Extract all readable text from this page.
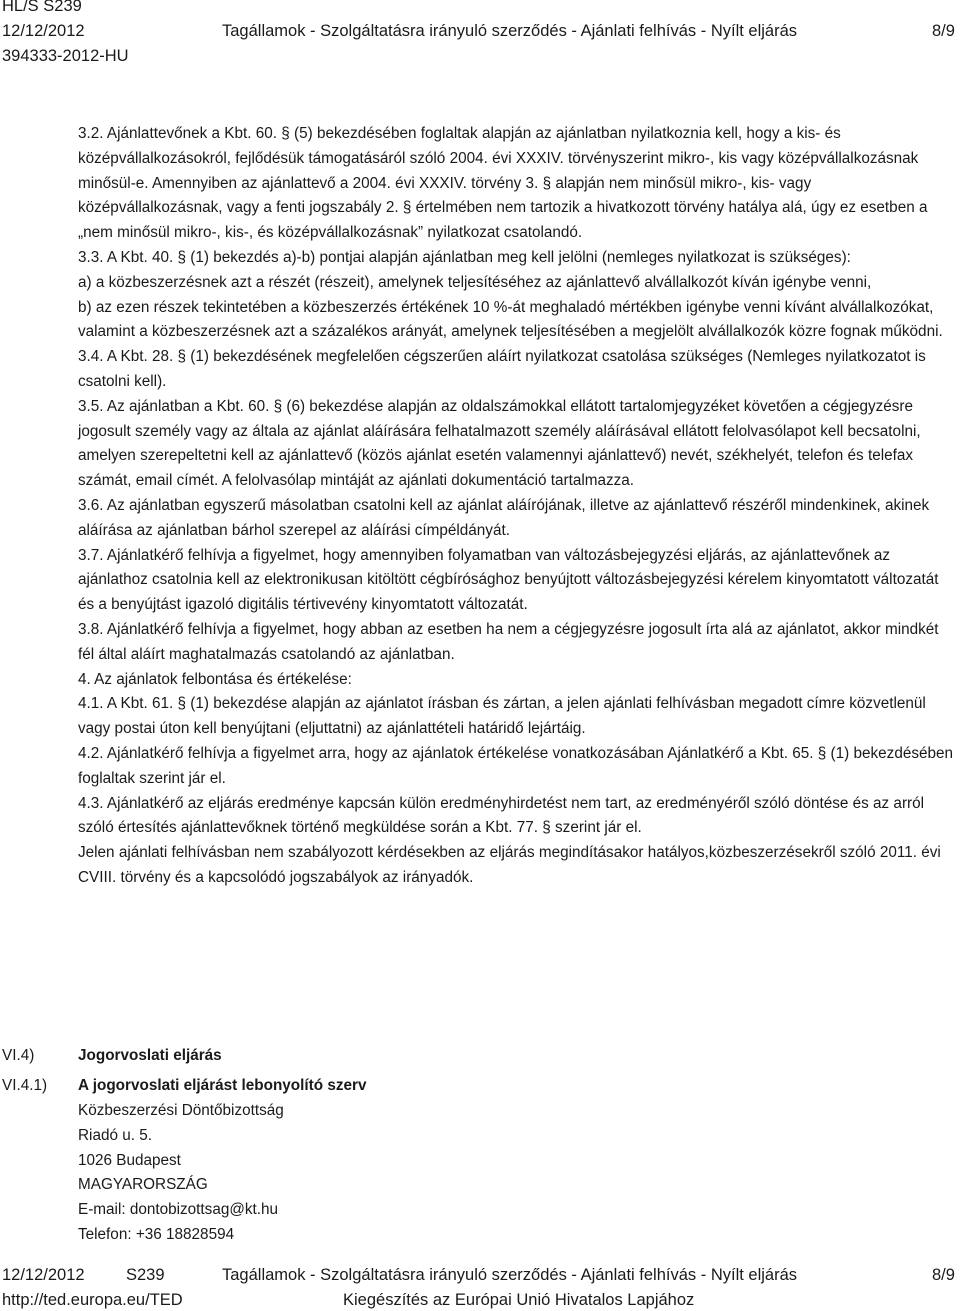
HL/S S239
12/12/2012	Tagállamok - Szolgáltatásra irányuló szerződés - Ajánlati felhívás - Nyílt eljárás	8/9
394333-2012-HU

3.2. Ajánlattevőnek a Kbt. 60. § (5) bekezdésében foglaltak alapján az ajánlatban nyilatkoznia kell, hogy a kis- és középvállalkozásokról, fejlődésük támogatásáról szóló 2004. évi XXXIV. törvényszerint mikro-, kis vagy középvállalkozásnak minősül-e. Amennyiben az ajánlattevő a 2004. évi XXXIV. törvény 3. § alapján nem minősül mikro-, kis- vagy középvállalkozásnak, vagy a fenti jogszabály 2. § értelmében nem tartozik a hivatkozott törvény hatálya alá, úgy ez esetben a „nem minősül mikro-, kis-, és középvállalkozásnak” nyilatkozat csatolandó.

3.3. A Kbt. 40. § (1) bekezdés a)-b) pontjai alapján ajánlatban meg kell jelölni (nemleges nyilatkozat is szükséges):

a) a közbeszerzésnek azt a részét (részeit), amelynek teljesítéséhez az ajánlattevő alvállalkozót kíván igénybe venni,

b) az ezen részek tekintetében a közbeszerzés értékének 10 %-át meghaladó mértékben igénybe venni kívánt alvállalkozókat, valamint a közbeszerzésnek azt a százalékos arányát, amelynek teljesítésében a megjelölt alvállalkozók közre fognak működni.

3.4. A Kbt. 28. § (1) bekezdésének megfelelően cégszerűen aláírt nyilatkozat csatolása szükséges (Nemleges nyilatkozatot is csatolni kell).

3.5. Az ajánlatban a Kbt. 60. § (6) bekezdése alapján az oldalszámokkal ellátott tartalomjegyzéket követően a cégjegyzésre jogosult személy vagy az általa az ajánlat aláírására felhatalmazott személy aláírásával ellátott felolvasólapot kell becsatolni, amelyen szerepeltetni kell az ajánlattevő (közös ajánlat esetén valamennyi ajánlattevő) nevét, székhelyét, telefon és telefax számát, email címét. A felolvasólap mintáját az ajánlati dokumentáció tartalmazza.

3.6. Az ajánlatban egyszerű másolatban csatolni kell az ajánlat aláírójának, illetve az ajánlattevő részéről mindenkinek, akinek aláírása az ajánlatban bárhol szerepel az aláírási címpéldányát.

3.7. Ajánlatkérő felhívja a figyelmet, hogy amennyiben folyamatban van változásbejegyzési eljárás, az ajánlattevőnek az ajánlathoz csatolnia kell az elektronikusan kitöltött cégbírósághoz benyújtott változásbejegyzési kérelem kinyomtatott változatát és a benyújtást igazoló digitális tértivevény kinyomtatott változatát.

3.8. Ajánlatkérő felhívja a figyelmet, hogy abban az esetben ha nem a cégjegyzésre jogosult írta alá az ajánlatot, akkor mindkét fél által aláírt maghatalmazás csatolandó az ajánlatban.

4. Az ajánlatok felbontása és értékelése:

4.1. A Kbt. 61. § (1) bekezdése alapján az ajánlatot írásban és zártan, a jelen ajánlati felhívásban megadott címre közvetlenül vagy postai úton kell benyújtani (eljuttatni) az ajánlattételi határidő lejártáig.

4.2. Ajánlatkérő felhívja a figyelmet arra, hogy az ajánlatok értékelése vonatkozásában Ajánlatkérő a Kbt. 65. § (1) bekezdésében foglaltak szerint jár el.

4.3. Ajánlatkérő az eljárás eredménye kapcsán külön eredményhirdetést nem tart, az eredményéről szóló döntése és az arról szóló értesítés ajánlattevőknek történő megküldése során a Kbt. 77. § szerint jár el.

Jelen ajánlati felhívásban nem szabályozott kérdésekben az eljárás megindításakor hatályos,közbeszerzésekről szóló 2011. évi CVIII. törvény és a kapcsolódó jogszabályok az irányadók.

VI.4)	Jogorvoslati eljárás
VI.4.1) A jogorvoslati eljárást lebonyolító szerv

Közbeszerzési Döntőbizottság

Riadó u. 5.

1026 Budapest

MAGYARORSZÁG

E-mail: dontobizottsag@kt.hu

Telefon: +36 18828594

12/12/2012	S239	Tagállamok - Szolgáltatásra irányuló szerződés - Ajánlati felhívás - Nyílt eljárás	8/9
http://ted.europa.eu/TED	Kiegészítés az Európai Unió Hivatalos Lapjához
